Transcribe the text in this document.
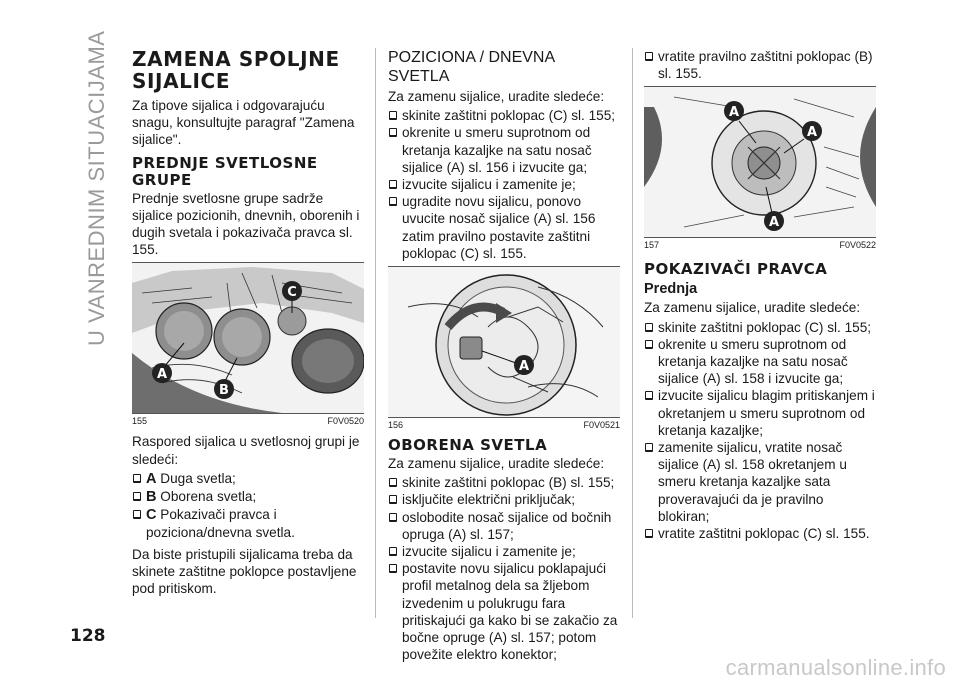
U VANREDNIM SITUACIJAMA
128
ZAMENA SPOLJNE SIJALICE

Za tipove sijalica i odgovarajuću snagu, konsultujte paragraf "Zamena sijalice".

PREDNJE SVETLOSNE GRUPE

Prednje svetlosne grupe sadrže sijalice pozicionih, dnevnih, oborenih i dugih svetala i pokazivača pravca sl. 155.

A
B
C
155	F0V0520

Raspored sijalica u svetlosnoj grupi je sledeći:

A Duga svetla;

B Oborena svetla;

C Pokazivači pravca i pozicionа/dnevna svetla.

Da biste pristupili sijalicama treba da skinete zaštitne poklopce postavljene pod pritiskom.

POZICIONA / DNEVNA SVETLA

Za zamenu sijalice, uradite sledeće:

skinite zaštitni poklopac (C) sl. 155;

okrenite u smeru suprotnom od kretanja kazaljke na satu nosač sijalice (A) sl. 156 i izvucite ga;

izvucite sijalicu i zamenite je;

ugradite novu sijalicu, ponovo uvucite nosač sijalice (A) sl. 156 zatim pravilno postavite zaštitni poklopac (C) sl. 155.

A
156	F0V0521
OBORENA SVETLA

Za zamenu sijalice, uradite sledeće:

skinite zaštitni poklopac (B) sl. 155;

isključite električni priključak;

oslobodite nosač sijalice od bočnih opruga (A) sl. 157;

izvucite sijalicu i zamenite je;

postavite novu sijalicu poklapajući profil metalnog dela sa žljebom izvedenim u polukrugu fara pritiskajući ga kako bi se zakačio za bočne opruge (A) sl. 157; potom povežite elektro konektor;

vratite pravilno zaštitni poklopac (B) sl. 155.

A
A
A
157	F0V0522
POKAZIVAČI PRAVCA
Prednja

Za zamenu sijalice, uradite sledeće:

skinite zaštitni poklopac (C) sl. 155;

okrenite u smeru suprotnom od kretanja kazaljke na satu nosač sijalice (A) sl. 158 i izvucite ga;

izvucite sijalicu blagim pritiskanjem i okretanjem u smeru suprotnom od kretanja kazaljke;

zamenite sijalicu, vratite nosač sijalice (A) sl. 158 okretanjem u smeru kretanja kazaljke sata proveravajući da je pravilno blokiran;

vratite zaštitni poklopac (C) sl. 155.

carmanualsonline.info
